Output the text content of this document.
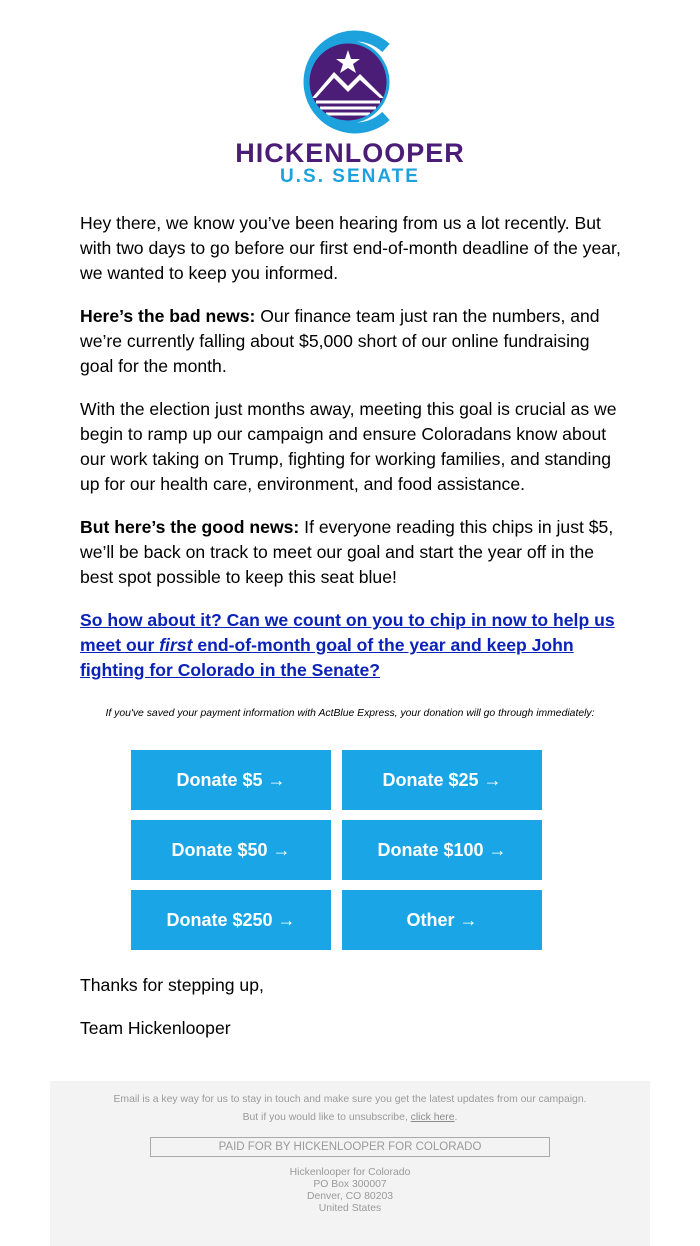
HICKENLOOPER
U.S. SENATE

Hey there, we know you’ve been hearing from us a lot recently. But with two days to go before our first end-of-month deadline of the year, we wanted to keep you informed.

Here’s the bad news: Our finance team just ran the numbers, and we’re currently falling about $5,000 short of our online fundraising goal for the month.

With the election just months away, meeting this goal is crucial as we begin to ramp up our campaign and ensure Coloradans know about our work taking on Trump, fighting for working families, and standing up for our health care, environment, and food assistance.

But here’s the good news: If everyone reading this chips in just $5, we’ll be back on track to meet our goal and start the year off in the best spot possible to keep this seat blue!

So how about it? Can we count on you to chip in now to help us meet our first end-of-month goal of the year and keep John fighting for Colorado in the Senate?

If you've saved your payment information with ActBlue Express, your donation will go through immediately:
Donate $5 →	Donate $25 →
Donate $50 →	Donate $100 →
Donate $250 →	Other →
Thanks for stepping up,
Team Hickenlooper
Email is a key way for us to stay in touch and make sure you get the latest updates from our campaign. But if you would like to unsubscribe, click here.
PAID FOR BY HICKENLOOPER FOR COLORADO
Hickenlooper for Colorado
PO Box 300007
Denver, CO 80203
United States
